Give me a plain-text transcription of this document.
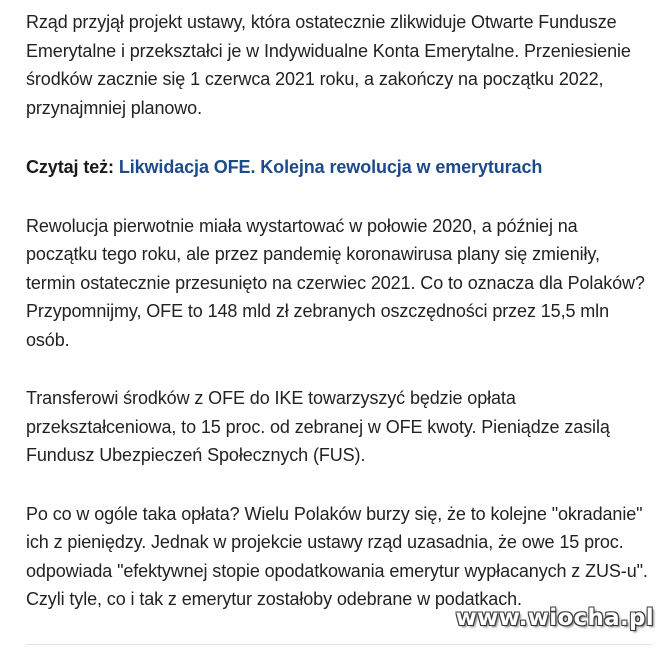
Rząd przyjął projekt ustawy, która ostatecznie zlikwiduje Otwarte Fundusze Emerytalne i przekształci je w Indywidualne Konta Emerytalne. Przeniesienie środków zacznie się 1 czerwca 2021 roku, a zakończy na początku 2022, przynajmniej planowo.

Czytaj też: Likwidacja OFE. Kolejna rewolucja w emeryturach

Rewolucja pierwotnie miała wystartować w połowie 2020, a później na początku tego roku, ale przez pandemię koronawirusa plany się zmieniły, termin ostatecznie przesunięto na czerwiec 2021. Co to oznacza dla Polaków? Przypomnijmy, OFE to 148 mld zł zebranych oszczędności przez 15,5 mln osób.

Transferowi środków z OFE do IKE towarzyszyć będzie opłata przekształceniowa, to 15 proc. od zebranej w OFE kwoty. Pieniądze zasilą Fundusz Ubezpieczeń Społecznych (FUS).

Po co w ogóle taka opłata? Wielu Polaków burzy się, że to kolejne "okradanie" ich z pieniędzy. Jednak w projekcie ustawy rząd uzasadnia, że owe 15 proc. odpowiada "efektywnej stopie opodatkowania emerytur wypłacanych z ZUS-u". Czyli tyle, co i tak z emerytur zostałoby odebrane w podatkach.

www.wiocha.pl
